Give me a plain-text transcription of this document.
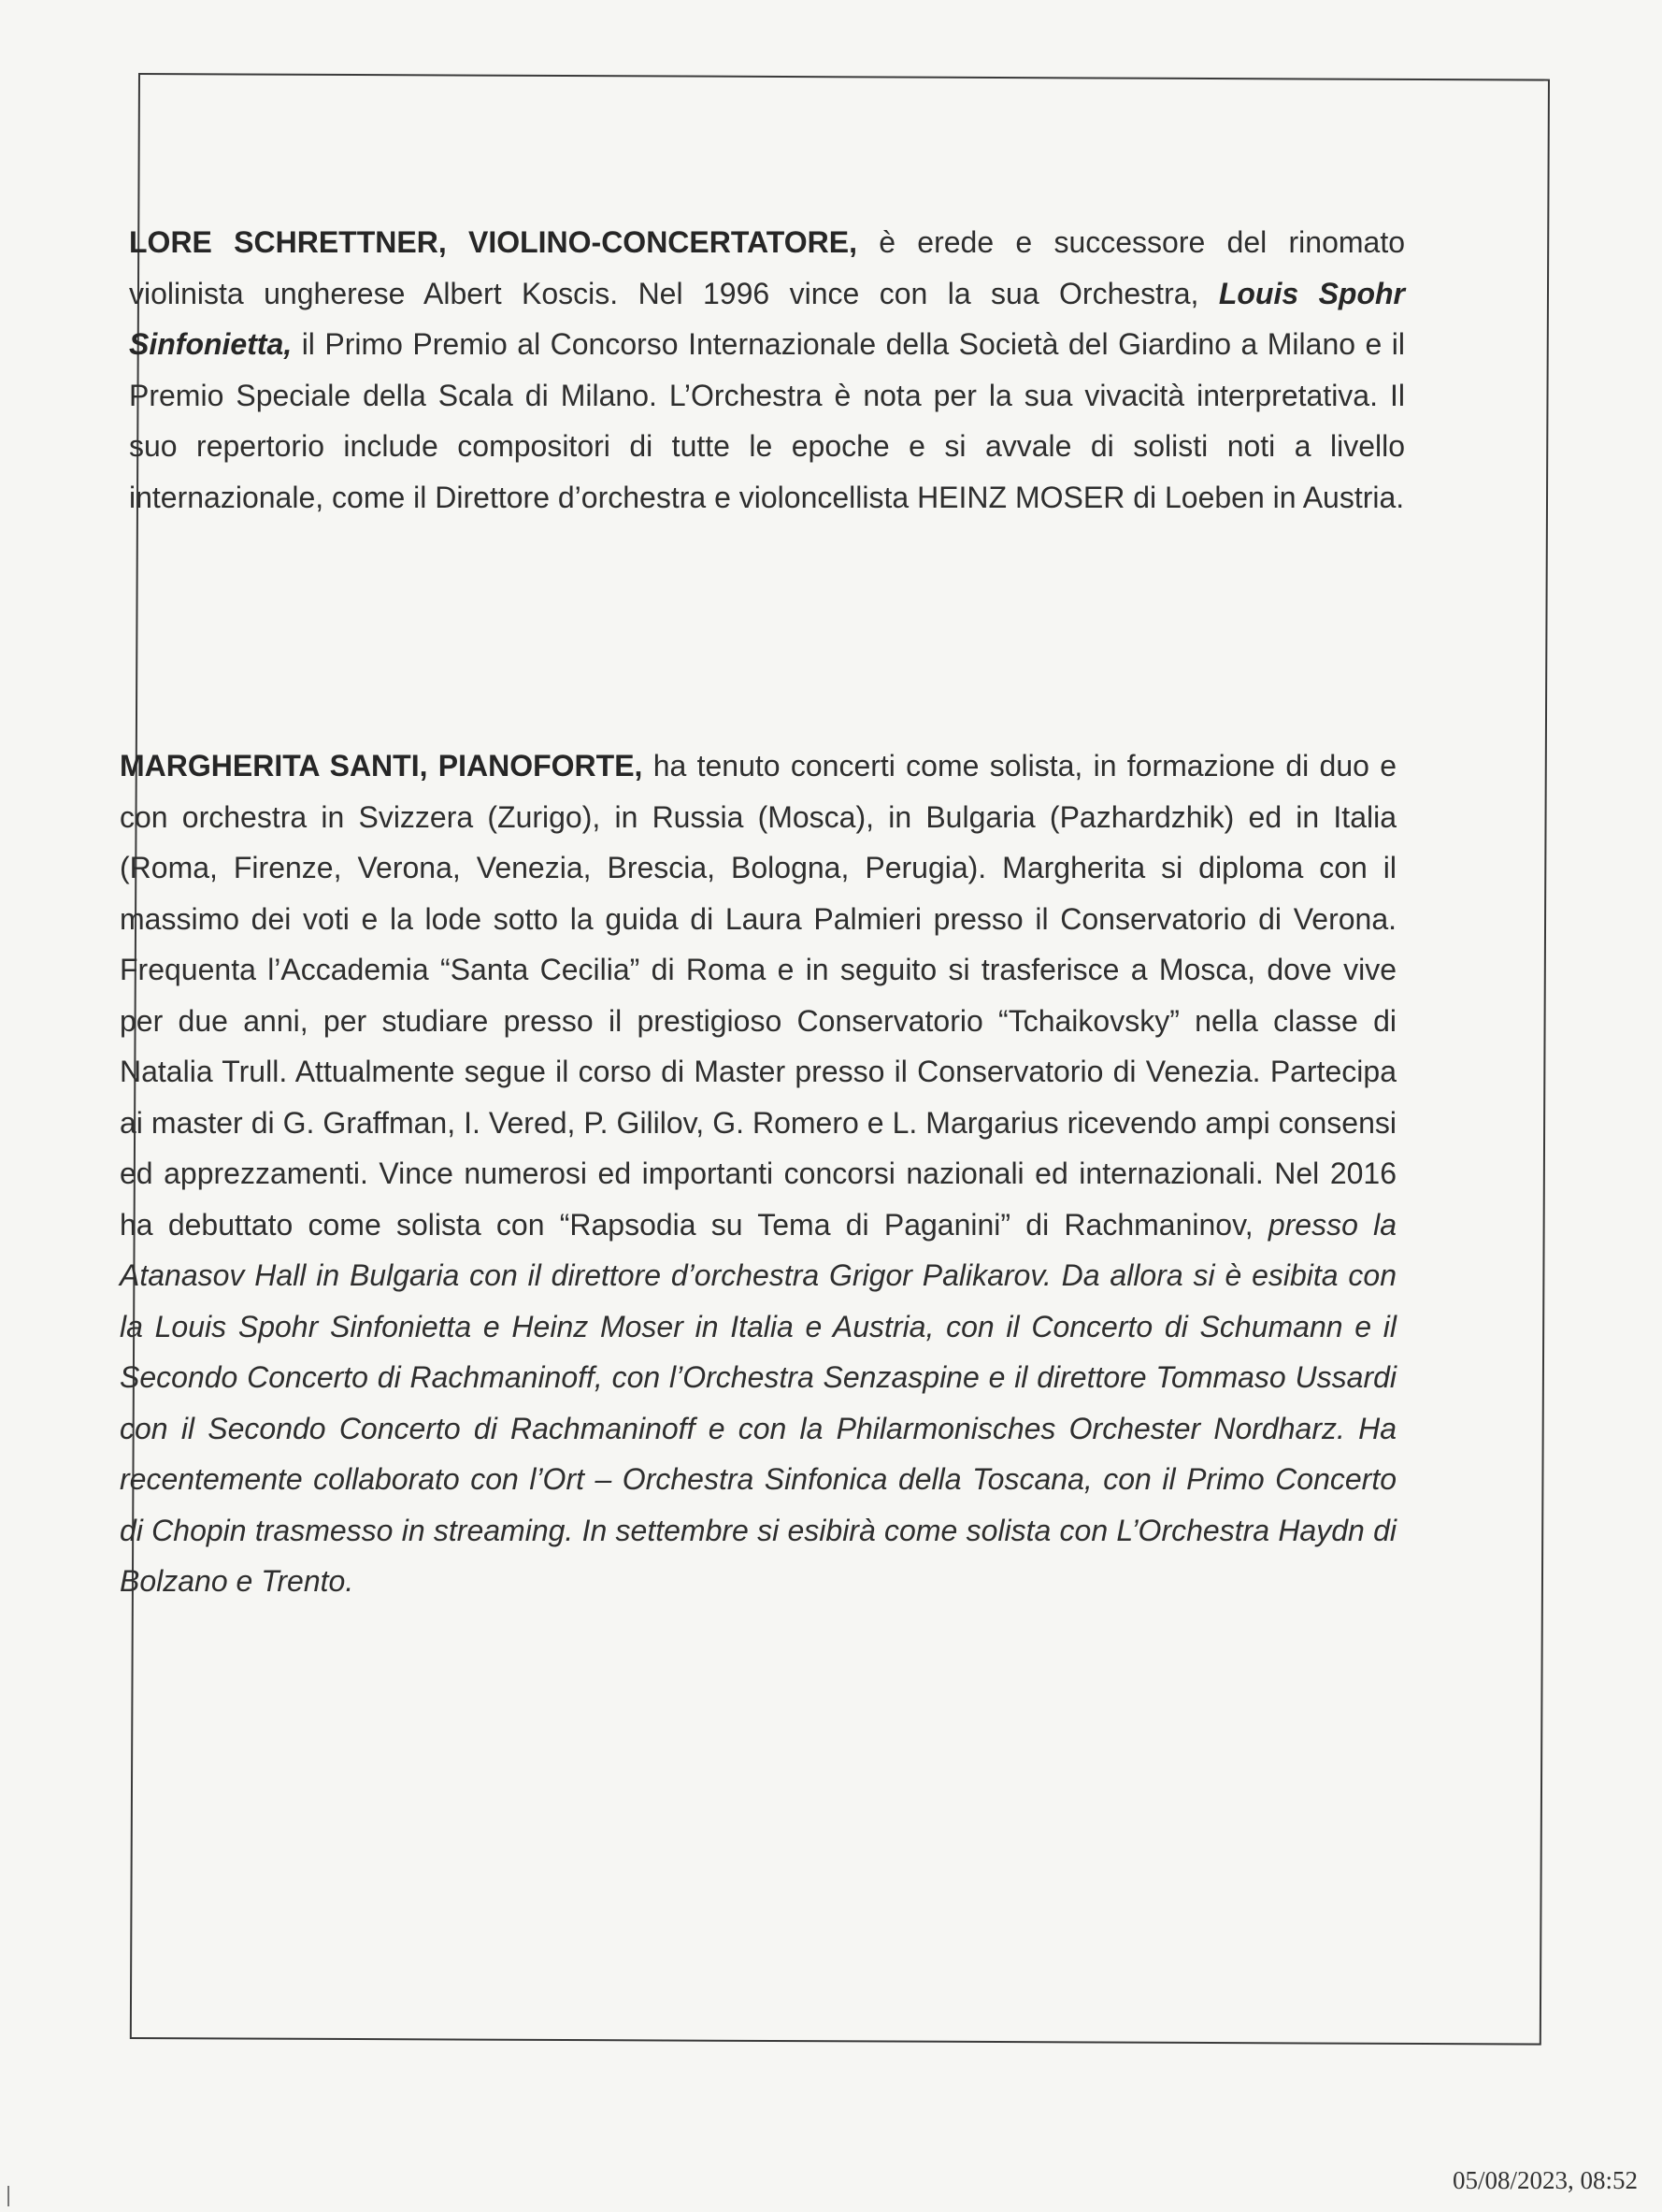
LORE SCHRETTNER, VIOLINO-CONCERTATORE, è erede e successore del rinomato violinista ungherese Albert Koscis. Nel 1996 vince con la sua Orchestra, Louis Spohr Sinfonietta, il Primo Premio al Concorso Internazionale della Società del Giardino a Milano e il Premio Speciale della Scala di Milano. L’Orchestra è nota per la sua vivacità interpretativa. Il suo repertorio include compositori di tutte le epoche e si avvale di solisti noti a livello internazionale, come il Direttore d’orchestra e violoncellista HEINZ MOSER di Loeben in Austria.
MARGHERITA SANTI, PIANOFORTE, ha tenuto concerti come solista, in formazione di duo e con orchestra in Svizzera (Zurigo), in Russia (Mosca), in Bulgaria (Pazhardzhik) ed in Italia (Roma, Firenze, Verona, Venezia, Brescia, Bologna, Perugia). Margherita si diploma con il massimo dei voti e la lode sotto la guida di Laura Palmieri presso il Conservatorio di Verona. Frequenta l’Accademia “Santa Cecilia” di Roma e in seguito si trasferisce a Mosca, dove vive per due anni, per studiare presso il prestigioso Conservatorio “Tchaikovsky” nella classe di Natalia Trull. Attualmente segue il corso di Master presso il Conservatorio di Venezia. Partecipa ai master di G. Graffman, I. Vered, P. Gililov, G. Romero e L. Margarius ricevendo ampi consensi ed apprezzamenti. Vince numerosi ed importanti concorsi nazionali ed internazionali. Nel 2016 ha debuttato come solista con “Rapsodia su Tema di Paganini” di Rachmaninov, presso la Atanasov Hall in Bulgaria con il direttore d’orchestra Grigor Palikarov. Da allora si è esibita con la Louis Spohr Sinfonietta e Heinz Moser in Italia e Austria, con il Concerto di Schumann e il Secondo Concerto di Rachmaninoff, con l’Orchestra Senzaspine e il direttore Tommaso Ussardi con il Secondo Concerto di Rachmaninoff e con la Philarmonisches Orchester Nordharz. Ha recentemente collaborato con l’Ort – Orchestra Sinfonica della Toscana, con il Primo Concerto di Chopin trasmesso in streaming. In settembre si esibirà come solista con L’Orchestra Haydn di Bolzano e Trento.
05/08/2023, 08:52
